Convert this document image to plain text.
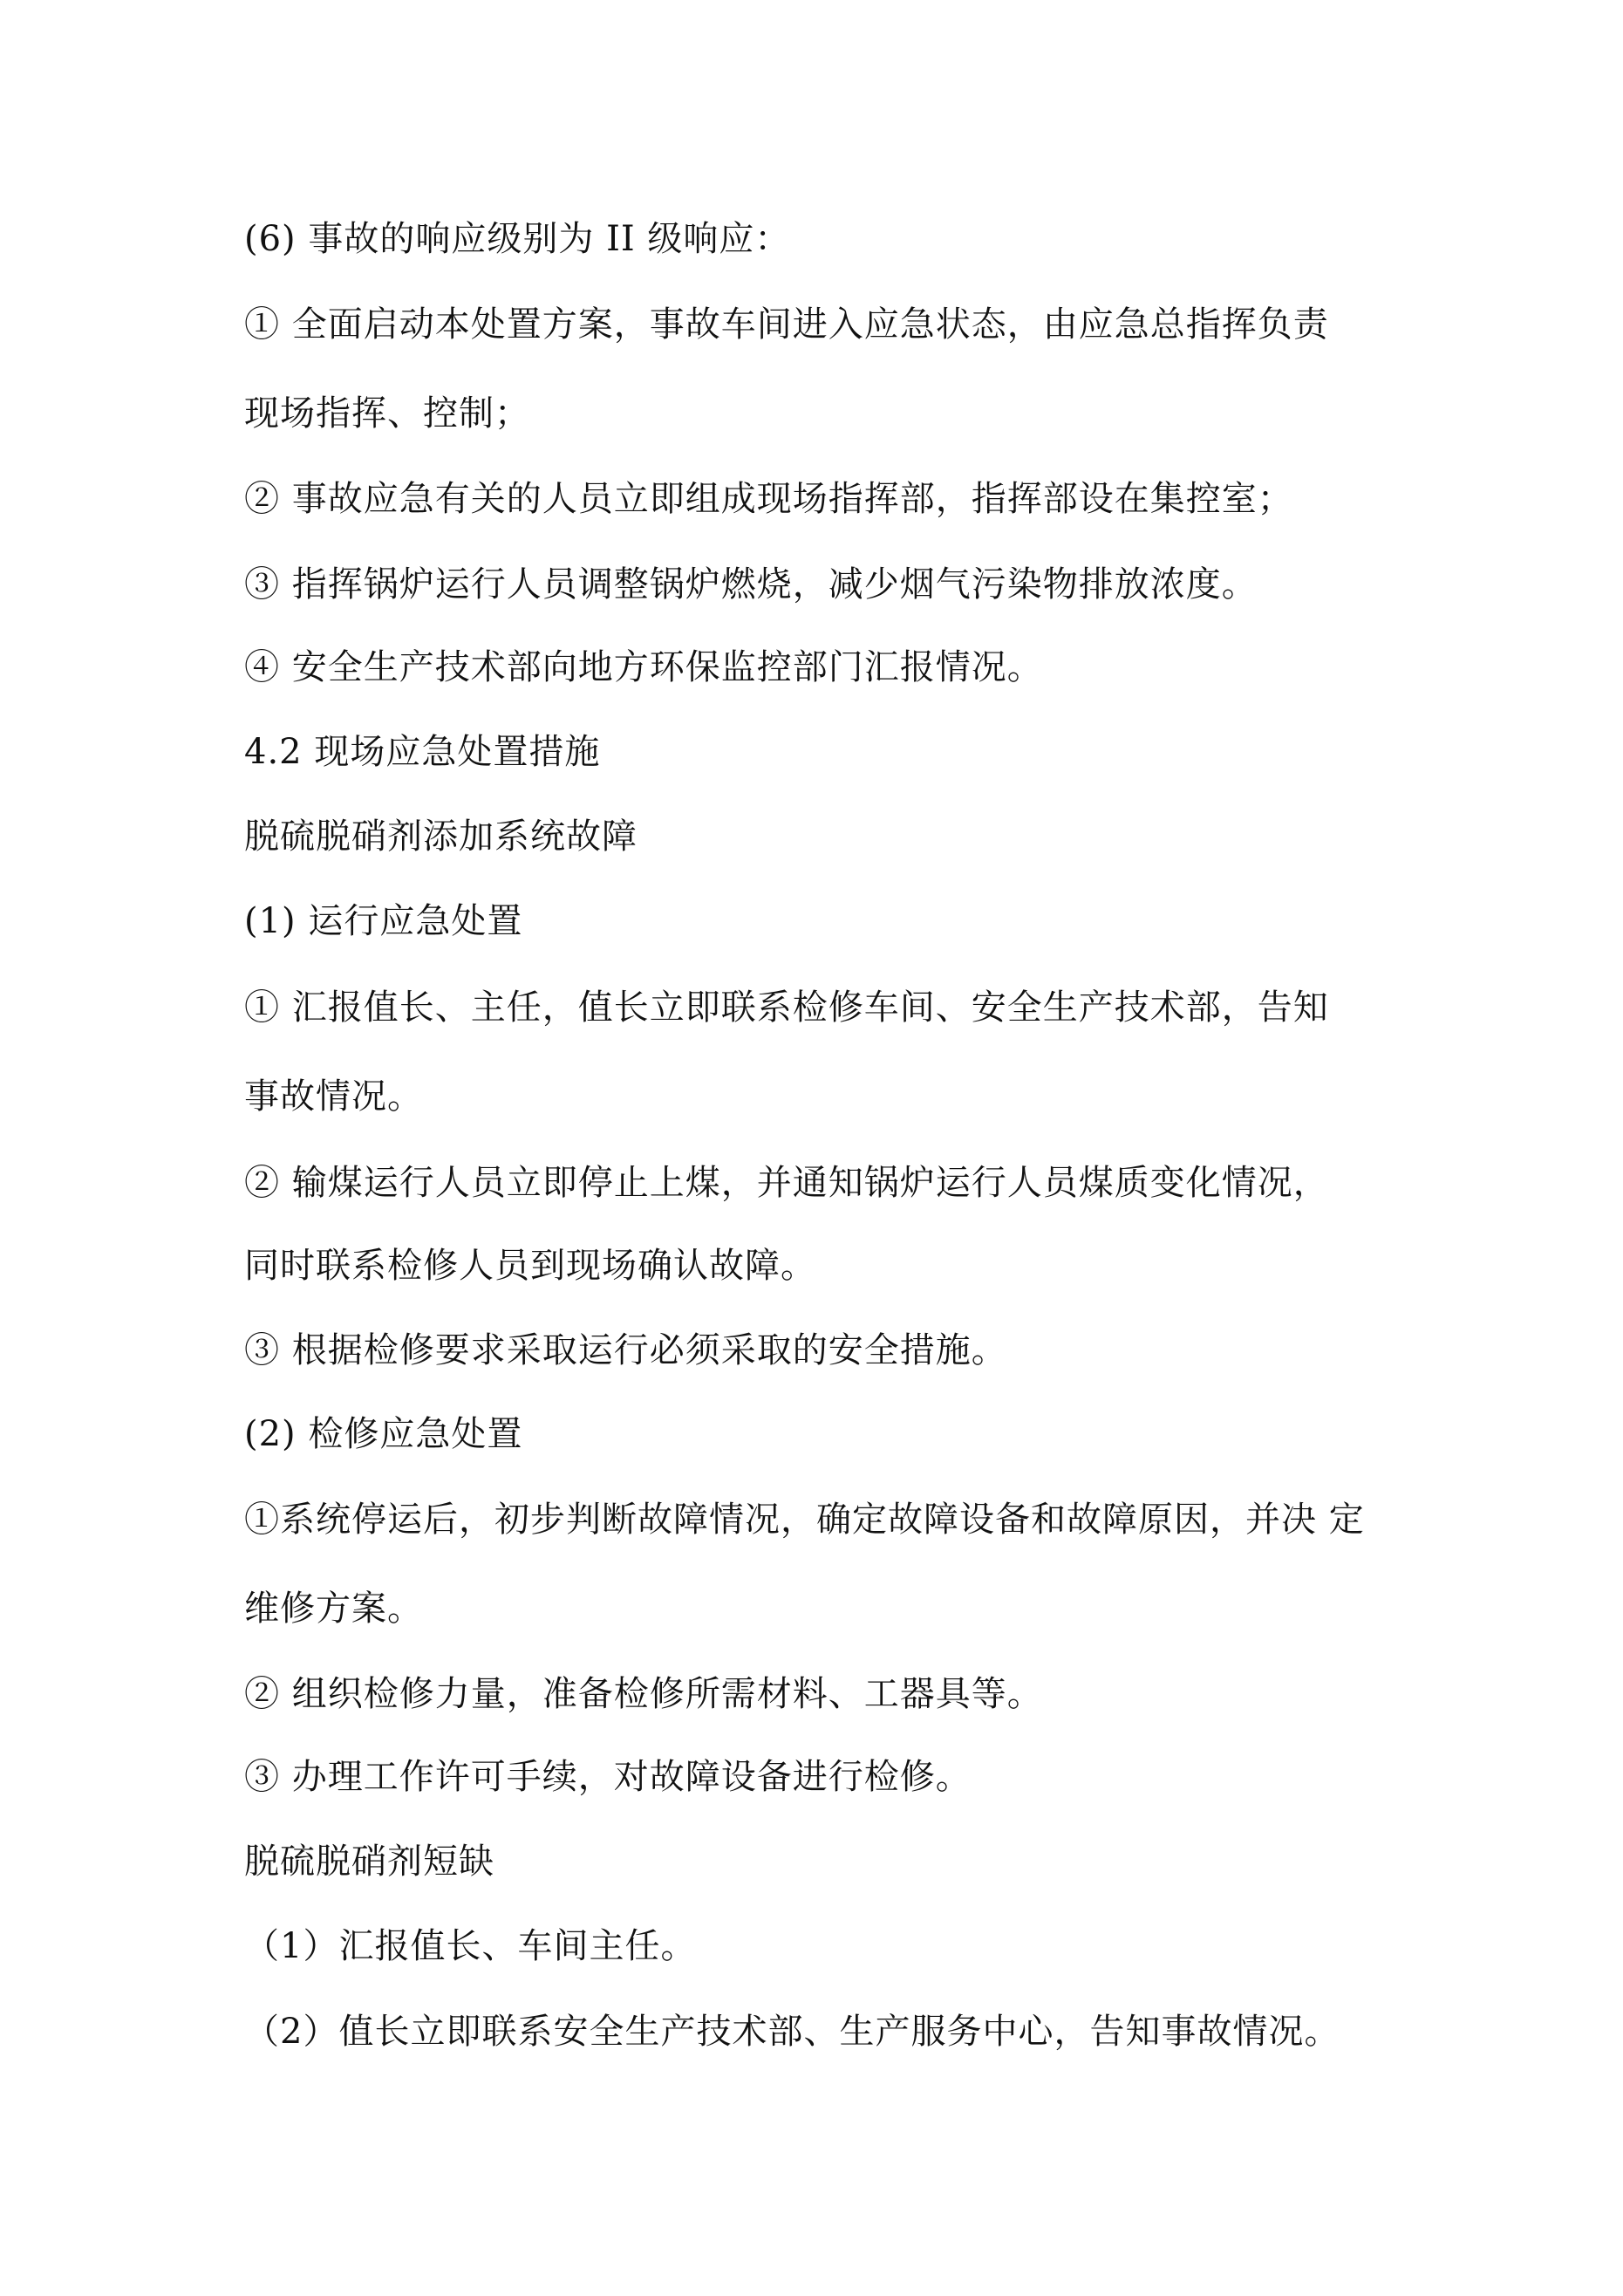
(6) 事故的响应级别为 II 级响应：
① 全面启动本处置方案，事故车间进入应急状态，由应急总指挥负责
现场指挥、控制；
② 事故应急有关的人员立即组成现场指挥部，指挥部设在集控室；
③ 指挥锅炉运行人员调整锅炉燃烧，减少烟气污染物排放浓度。
④ 安全生产技术部向地方环保监控部门汇报情况。
4.2 现场应急处置措施
脱硫脱硝剂添加系统故障
(1) 运行应急处置
① 汇报值长、主任，值长立即联系检修车间、安全生产技术部，告知
事故情况。
② 输煤运行人员立即停止上煤，并通知锅炉运行人员煤质变化情况，
同时联系检修人员到现场确认故障。
③ 根据检修要求采取运行必须采取的安全措施。
(2) 检修应急处置
①系统停运后，初步判断故障情况，确定故障设备和故障原因，并决 定
维修方案。
② 组织检修力量，准备检修所需材料、工器具等。
③ 办理工作许可手续，对故障设备进行检修。
脱硫脱硝剂短缺
（1）汇报值长、车间主任。
（2）值长立即联系安全生产技术部、生产服务中心，告知事故情况。
